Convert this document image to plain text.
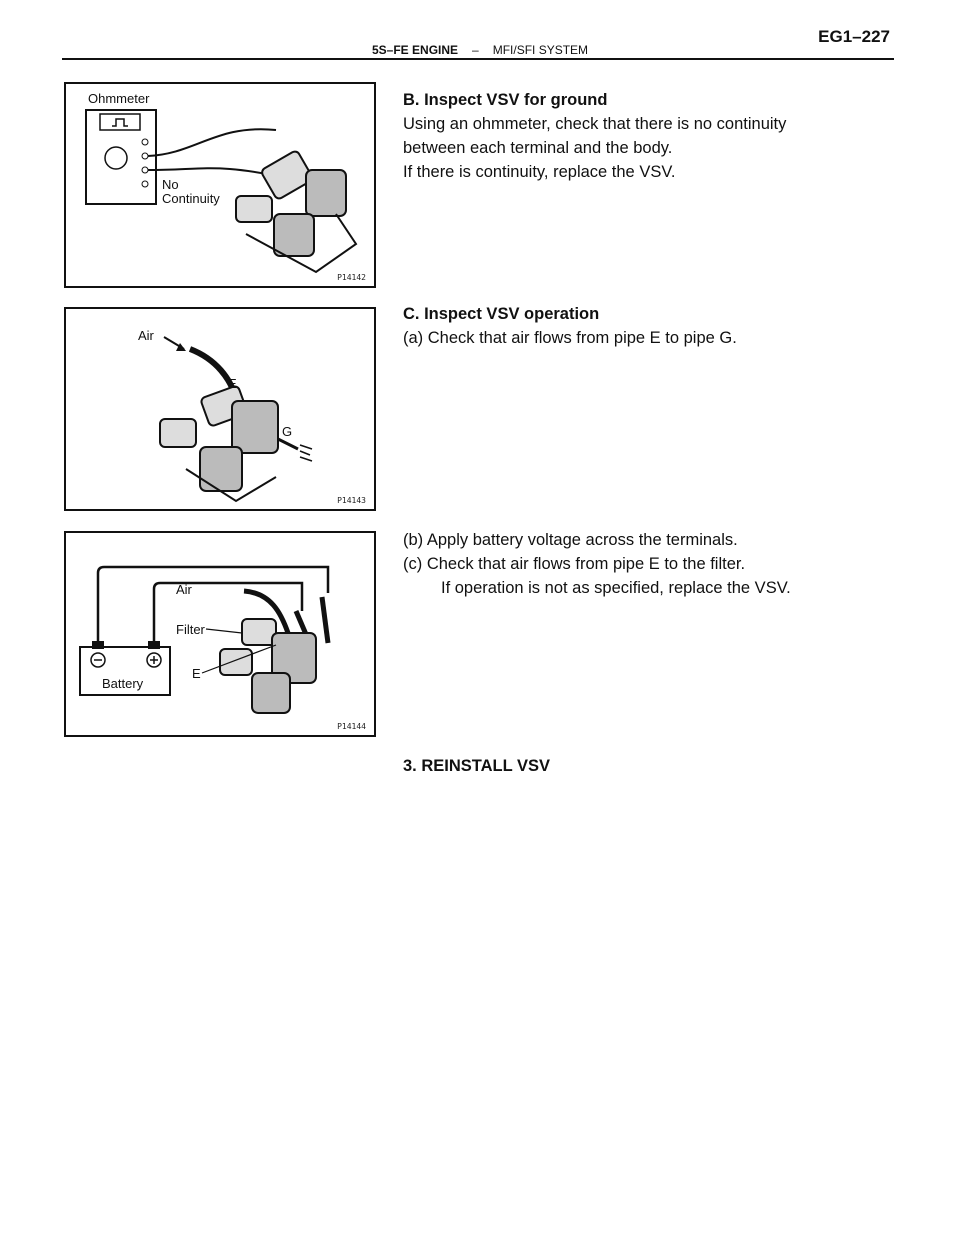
5S–FE ENGINE – MFI/SFI SYSTEM
EG1–227
Ohmmeter
No
Continuity
P14142
Air
E
G
P14143
Air
Filter
E
Battery
P14144
B. Inspect VSV for ground
Using an ohmmeter, check that there is no continuity
between each terminal and the body.
If there is continuity, replace the VSV.
C. Inspect VSV operation
(a) Check that air flows from pipe E to pipe G.
(b) Apply battery voltage across the terminals.
(c) Check that air flows from pipe E to the filter.
If operation is not as specified, replace the VSV.
3. REINSTALL VSV
